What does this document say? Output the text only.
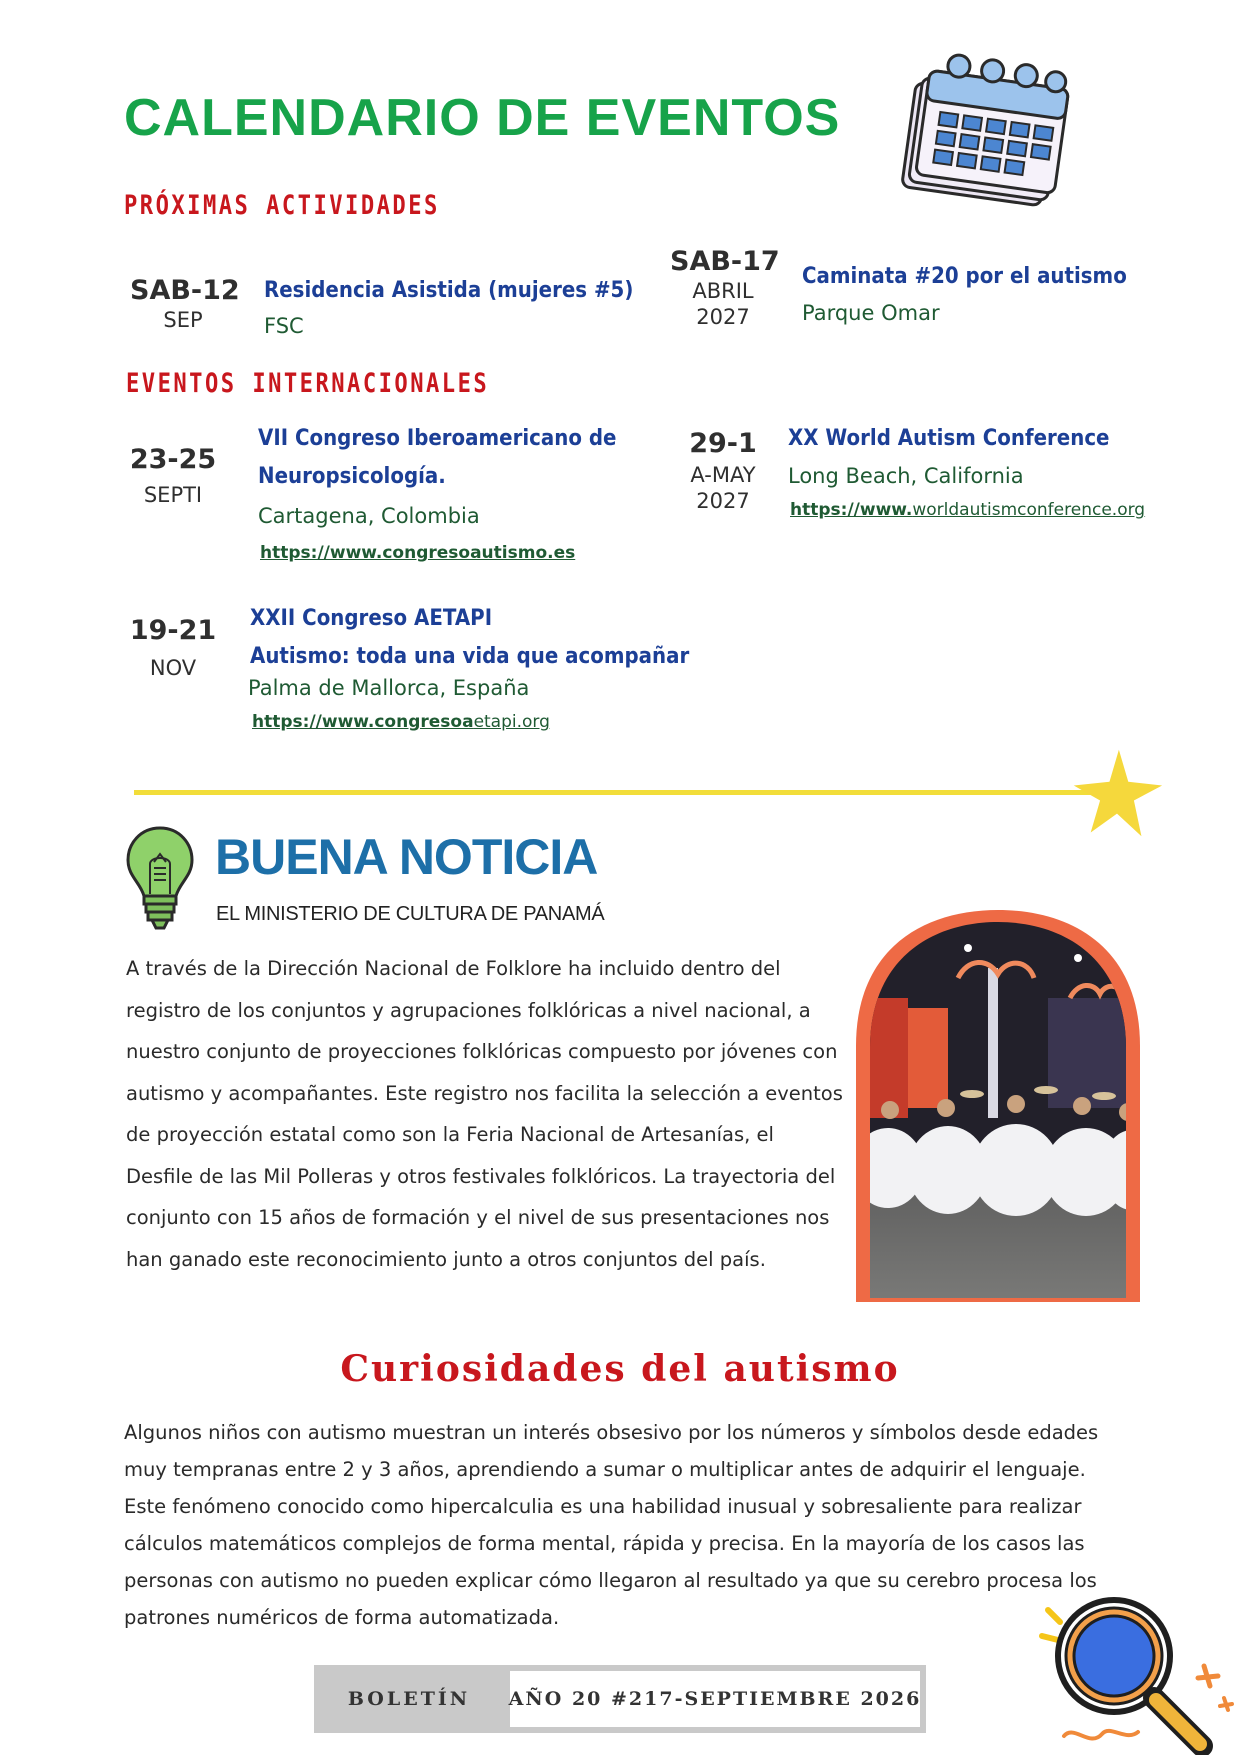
CALENDARIO DE EVENTOS
PRÓXIMAS ACTIVIDADES
SAB-12
SEP
Residencia Asistida (mujeres #5)
FSC
SAB-17
ABRIL
2027
Caminata #20 por el autismo
Parque Omar
EVENTOS INTERNACIONALES
23-25
SEPTI
VII Congreso Iberoamericano de
Neuropsicología.
Cartagena, Colombia
https://www.congresoautismo.es
29-1
A-MAY
2027
XX World Autism Conference
Long Beach, California
https://www.worldautismconference.org
19-21
NOV
XXII Congreso AETAPI
Autismo: toda una vida que acompañar
Palma de Mallorca, España
https://www.congresoaetapi.org
BUENA NOTICIA
EL MINISTERIO DE CULTURA DE PANAMÁ
A través de la Dirección Nacional de Folklore ha incluido dentro del registro de los conjuntos y agrupaciones folklóricas a nivel nacional, a nuestro conjunto de proyecciones folklóricas compuesto por jóvenes con autismo y acompañantes. Este registro nos facilita la selección a eventos de proyección estatal como son la Feria Nacional de Artesanías, el Desfile de las Mil Polleras y otros festivales folklóricos. La trayectoria del conjunto con 15 años de formación y el nivel de sus presentaciones nos han ganado este reconocimiento junto a otros conjuntos del país.
Curiosidades del autismo
Algunos niños con autismo muestran un interés obsesivo por los números y símbolos desde edades muy tempranas entre 2 y 3 años, aprendiendo a sumar o multiplicar antes de adquirir el lenguaje. Este fenómeno conocido como hipercalculia es una habilidad inusual y sobresaliente para realizar cálculos matemáticos complejos de forma mental, rápida y precisa. En la mayoría de los casos las personas con autismo no pueden explicar cómo llegaron al resultado ya que su cerebro procesa los patrones numéricos de forma automatizada.
BOLETÍN	AÑO 20 #217-SEPTIEMBRE 2026
